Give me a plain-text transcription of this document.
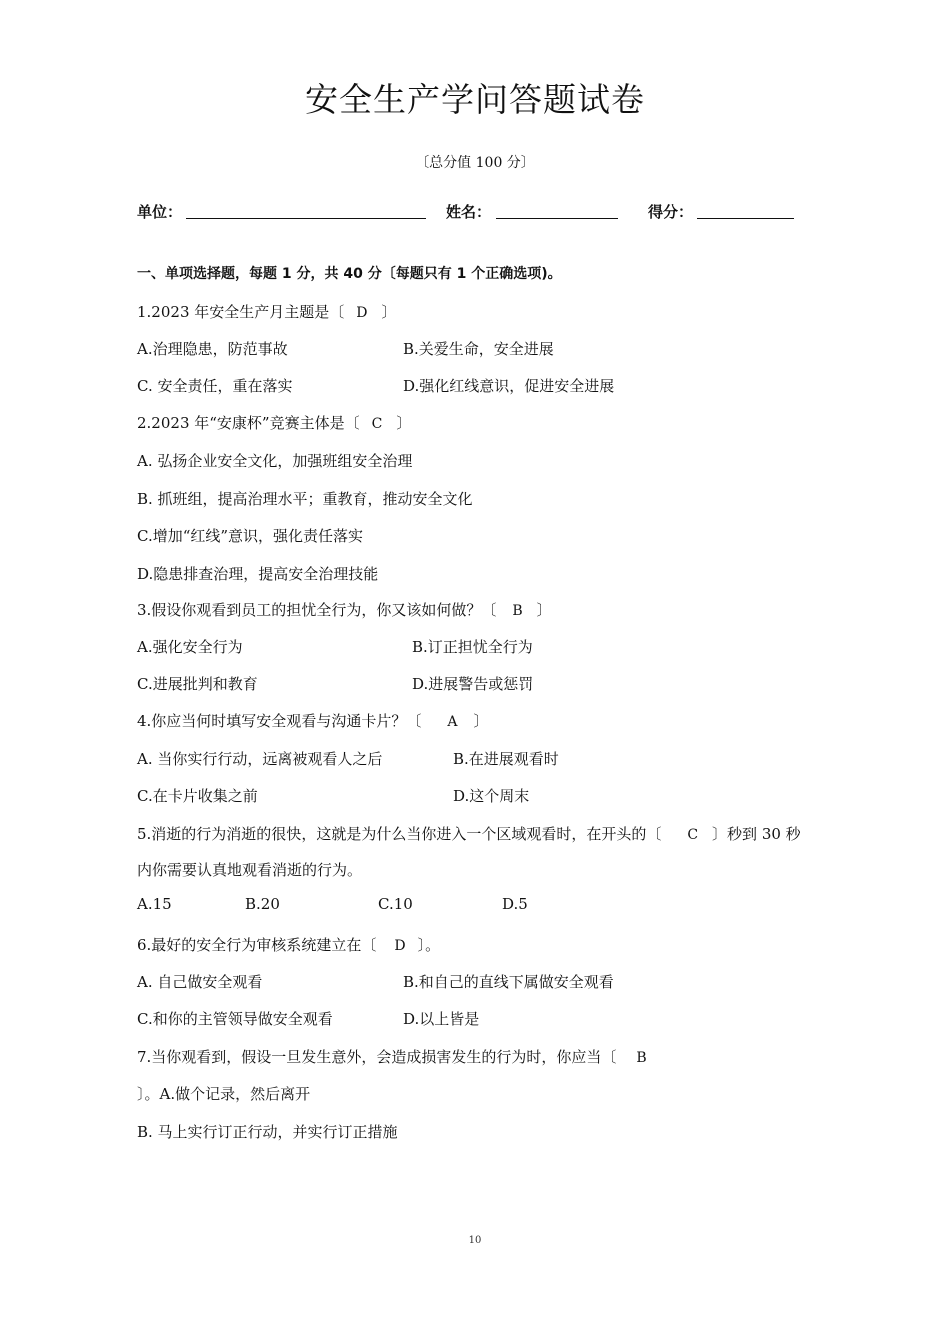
安全生产学问答题试卷
〔总分值 100 分〕
单位：	姓名：	得分：
一、单项选择题，每题 1 分，共 40 分〔每题只有 1 个正确选项)。
1.2023 年安全生产月主题是〔 D 〕
A.治理隐患，防范事故	B.关爱生命，安全进展
C. 安全责任，重在落实	D.强化红线意识，促进安全进展
2.2023 年“安康杯”竞赛主体是〔 C 〕
A. 弘扬企业安全文化，加强班组安全治理
B. 抓班组，提高治理水平；重教育，推动安全文化
C.增加“红线”意识，强化责任落实
D.隐患排查治理，提高安全治理技能
3.假设你观看到员工的担忧全行为，你又该如何做？〔 B 〕
A.强化安全行为	B.订正担忧全行为
C.进展批判和教育	D.进展警告或惩罚
4.你应当何时填写安全观看与沟通卡片？〔 A 〕
A. 当你实行行动，远离被观看人之后	B.在进展观看时
C.在卡片收集之前	D.这个周末
5.消逝的行为消逝的很快，这就是为什么当你进入一个区域观看时，在开头的〔 C 〕秒到 30 秒
内你需要认真地观看消逝的行为。
A.15	B.20	C.10	D.5
6.最好的安全行为审核系统建立在〔 D 〕。
A. 自己做安全观看	B.和自己的直线下属做安全观看
C.和你的主管领导做安全观看	D.以上皆是
7.当你观看到，假设一旦发生意外，会造成损害发生的行为时，你应当〔 B
〕。A.做个记录，然后离开
B. 马上实行订正行动，并实行订正措施
10
